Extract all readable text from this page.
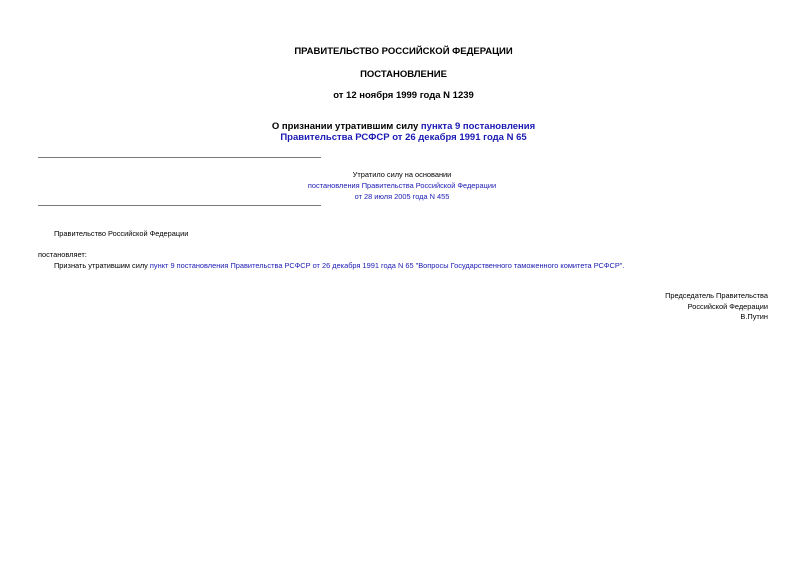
ПРАВИТЕЛЬСТВО РОССИЙСКОЙ ФЕДЕРАЦИИ
ПОСТАНОВЛЕНИЕ
от 12 ноября 1999 года N 1239
О признании утратившим силу пункта 9 постановления
Правительства РСФСР от 26 декабря 1991 года N 65
Утратило силу на основании
постановления Правительства Российской Федерации
от 28 июля 2005 года N 455
Правительство Российской Федерации
постановляет:
Признать утратившим силу пункт 9 постановления Правительства РСФСР от 26 декабря 1991 года N 65 "Вопросы Государственного таможенного комитета РСФСР".
Председатель Правительства
Российской Федерации
В.Путин
